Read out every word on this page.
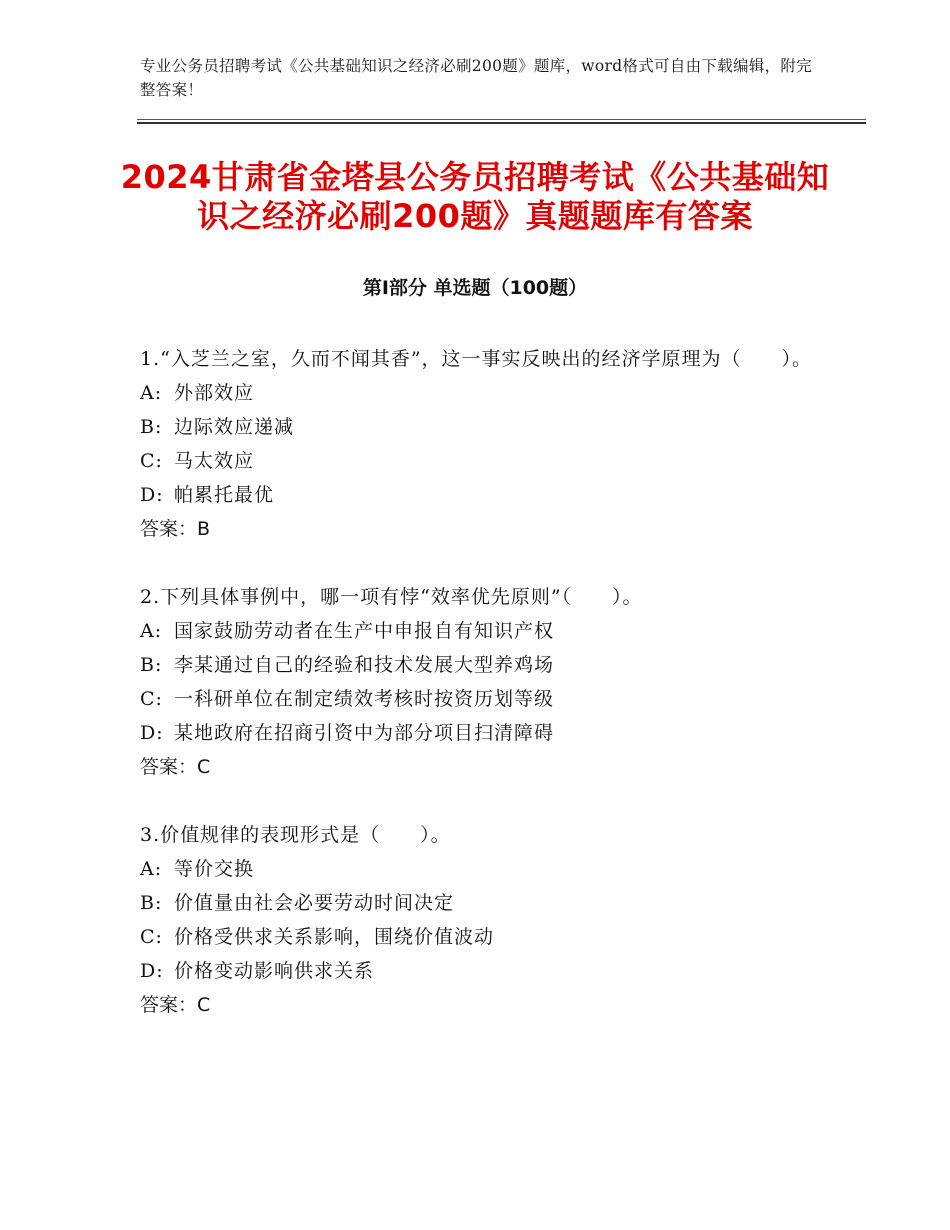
专业公务员招聘考试《公共基础知识之经济必刷200题》题库，word格式可自由下载编辑，附完整答案！
2024甘肃省金塔县公务员招聘考试《公共基础知识之经济必刷200题》真题题库有答案
第Ⅰ部分 单选题（100题）
1.“入芝兰之室，久而不闻其香”，这一事实反映出的经济学原理为（　　）。
A: 外部效应
B: 边际效应递减
C: 马太效应
D: 帕累托最优
答案：B
2.下列具体事例中，哪一项有悖“效率优先原则”（　　）。
A: 国家鼓励劳动者在生产中申报自有知识产权
B: 李某通过自己的经验和技术发展大型养鸡场
C: 一科研单位在制定绩效考核时按资历划等级
D: 某地政府在招商引资中为部分项目扫清障碍
答案：C
3.价值规律的表现形式是（　　）。
A: 等价交换
B: 价值量由社会必要劳动时间决定
C: 价格受供求关系影响，围绕价值波动
D: 价格变动影响供求关系
答案：C
